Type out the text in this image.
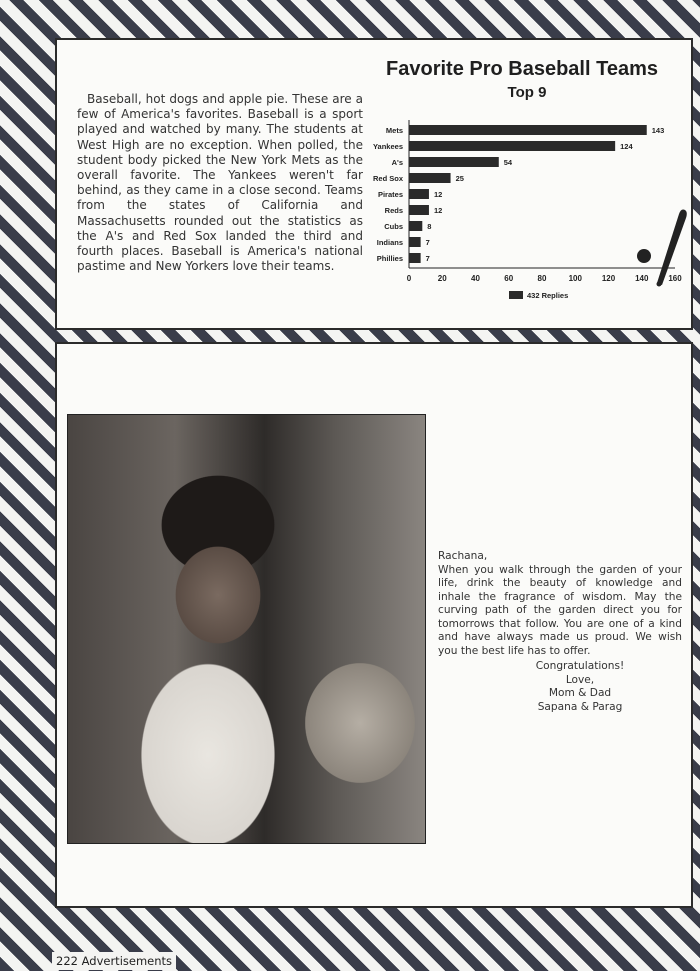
Baseball, hot dogs and apple pie. These are a few of America's favorites. Baseball is a sport played and watched by many. The students at West High are no exception. When polled, the student body picked the New York Mets as the overall favorite. The Yankees weren't far behind, as they came in a close second. Teams from the states of California and Massachusetts rounded out the statistics as the A's and Red Sox landed the third and fourth places. Baseball is America's national pastime and New Yorkers love their teams.
Favorite Pro Baseball Teams
Top 9
Mets	143
Yankees	124
A's	54
Red Sox	25
Pirates	12
Reds	12
Cubs	8
Indians	7
Phillies	7
0	20	40	60	80	100 120 140 160
432 Replies
Rachana,
When you walk through the garden of your life, drink the beauty of knowledge and inhale the fragrance of wisdom. May the curving path of the garden direct you for tomorrows that follow. You are one of a kind and have always made us proud. We wish you the best life has to offer.
Congratulations!
Love,
Mom & Dad
Sapana & Parag
222 Advertisements
